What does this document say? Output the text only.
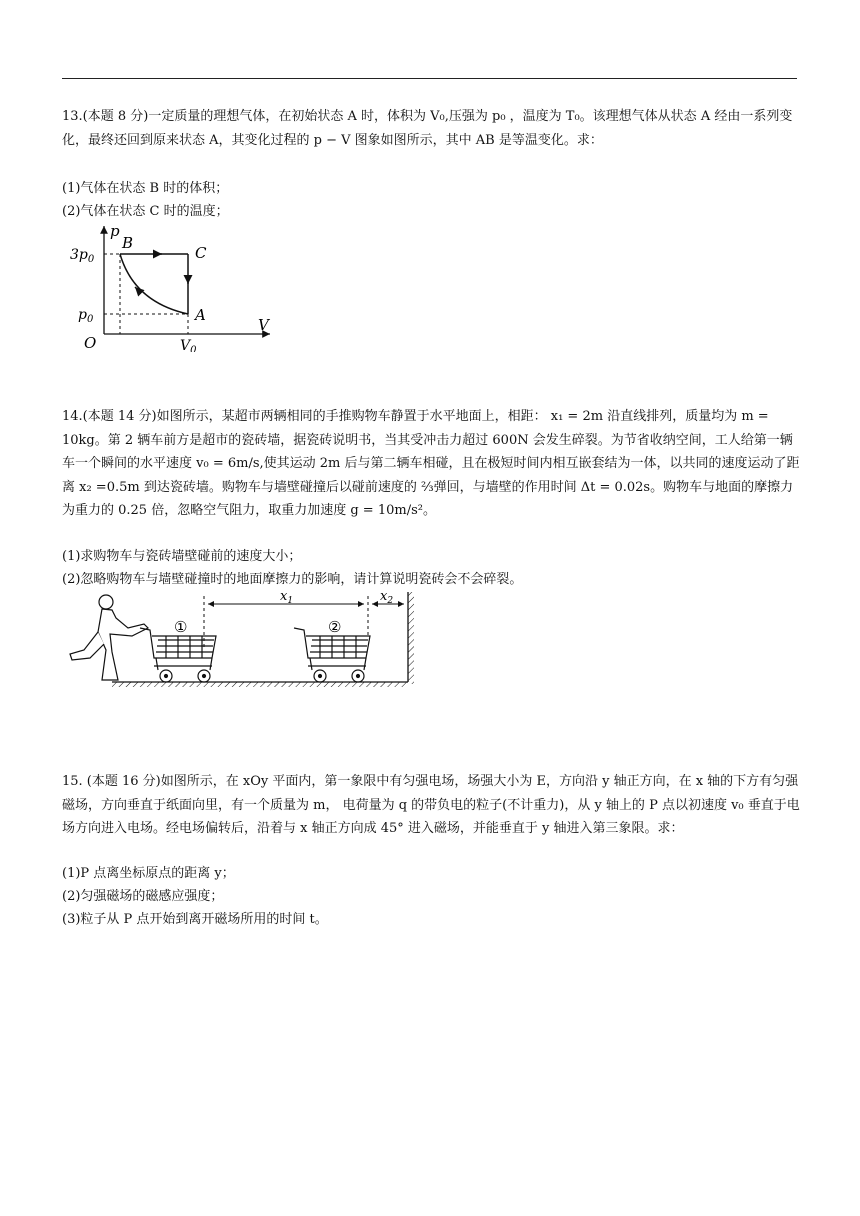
13.(本题 8 分)一定质量的理想气体，在初始状态 A 时，体积为 V₀,压强为 p₀ ，温度为 T₀。该理想气体从状态 A 经由一系列变化，最终还回到原来状态 A，其变化过程的 p − V 图象如图所示，其中 AB 是等温变化。求：
(1)气体在状态 B 时的体积；
(2)气体在状态 C 时的温度；
p
V
O
B
C
A
$3p_0$
$p_0$
$V_0$
14.(本题 14 分)如图所示，某超市两辆相同的手推购物车静置于水平地面上，相距： x₁ = 2m 沿直线排列，质量均为 m = 10kg。第 2 辆车前方是超市的瓷砖墙，据瓷砖说明书，当其受冲击力超过 600N 会发生碎裂。为节省收纳空间，工人给第一辆车一个瞬间的水平速度 v₀ = 6m/s,使其运动 2m 后与第二辆车相碰，且在极短时间内相互嵌套结为一体，以共同的速度运动了距离 x₂ =0.5m 到达瓷砖墙。购物车与墙壁碰撞后以碰前速度的 ⅔弹回，与墙壁的作用时间 Δt = 0.02s。购物车与地面的摩擦力为重力的 0.25 倍，忽略空气阻力，取重力加速度 g = 10m/s²。
(1)求购物车与瓷砖墙壁碰前的速度大小；
(2)忽略购物车与墙壁碰撞时的地面摩擦力的影响，请计算说明瓷砖会不会碎裂。
①	②
$x_1$	$x_2$
15. (本题 16 分)如图所示，在 xOy 平面内，第一象限中有匀强电场，场强大小为 E，方向沿 y 轴正方向，在 x 轴的下方有匀强磁场，方向垂直于纸面向里，有一个质量为 m， 电荷量为 q 的带负电的粒子(不计重力)，从 y 轴上的 P 点以初速度 v₀ 垂直于电场方向进入电场。经电场偏转后，沿着与 x 轴正方向成 45° 进入磁场，并能垂直于 y 轴进入第三象限。求：
(1)P 点离坐标原点的距离 y；
(2)匀强磁场的磁感应强度；
(3)粒子从 P 点开始到离开磁场所用的时间 t。
